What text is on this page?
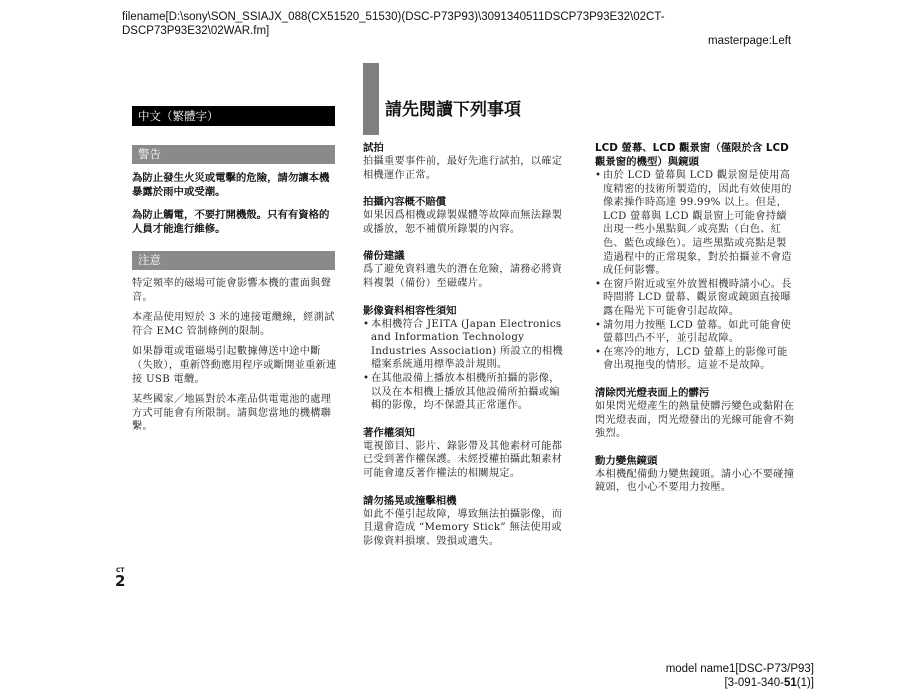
filename[D:\sony\SON_SSIAJX_088(CX51520_51530)(DSC-P73P93)\3091340511DSCP73P93E32\02CT-
DSCP73P93E32\02WAR.fm]
masterpage:Left
中文（繁體字）	請先閱讀下列事項
警告

為防止發生火災或電擊的危險，請勿讓本機暴露於雨中或受潮。

為防止觸電，不要打開機殼。只有有資格的人員才能進行維修。

注意

特定頻率的磁場可能會影響本機的畫面與聲音。

本產品使用短於 3 米的連接電纜線，經測試符合 EMC 管制條例的限制。

如果靜電或電磁場引起數據傳送中途中斷（失敗），重新啓動應用程序或斷開並重新連接 USB 電纜。

某些國家／地區對於本產品供電電池的處理方式可能會有所限制。請與您當地的機構聯繫。

試拍

拍攝重要事件前，最好先進行試拍，以確定相機運作正常。

拍攝內容概不賠償

如果因爲相機或錄製媒體等故障而無法錄製或播放，恕不補償所錄製的內容。

備份建議

爲了避免資料遺失的潛在危險，請務必將資料複製（備份）至磁碟片。

影像資料相容性須知

• 本相機符合 JEITA (Japan Electronics and Information Technology Industries Association) 所設立的相機檔案系統通用標準設計規則。

• 在其他設備上播放本相機所拍攝的影像，以及在本相機上播放其他設備所拍攝或編輯的影像，均不保證其正常運作。

著作權須知

電視節目、影片、錄影帶及其他素材可能都已受到著作權保護。未經授權拍攝此類素材可能會違反著作權法的相關規定。

請勿搖晃或撞擊相機

如此不僅引起故障，導致無法拍攝影像，而且還會造成 “Memory Stick” 無法使用或影像資料損壞、毀損或遺失。

LCD 螢幕、LCD 觀景窗（僅限於含 LCD 觀景窗的機型）與鏡頭

• 由於 LCD 螢幕與 LCD 觀景窗是使用高度精密的技術所製造的，因此有效使用的像素操作時高達 99.99% 以上。但是，LCD 螢幕與 LCD 觀景窗上可能會持續出現一些小黑點與／或亮點（白色、紅色、藍色或綠色）。這些黑點或亮點是製造過程中的正常現象，對於拍攝並不會造成任何影響。

• 在窗戶附近或室外放置相機時請小心。長時間將 LCD 螢幕、觀景窗或鏡頭直接曝露在陽光下可能會引起故障。

• 請勿用力按壓 LCD 螢幕。如此可能會使螢幕凹凸不平，並引起故障。

• 在寒冷的地方，LCD 螢幕上的影像可能會出現拖曳的情形。這並不是故障。

清除閃光燈表面上的髒污

如果閃光燈產生的熱量使髒污變色或黏附在閃光燈表面，閃光燈發出的光線可能會不夠強烈。

動力變焦鏡頭

本相機配備動力變焦鏡頭。請小心不要碰撞鏡頭，也小心不要用力按壓。

CT
2
model name1[DSC-P73/P93]
[3-091-340-51(1)]
